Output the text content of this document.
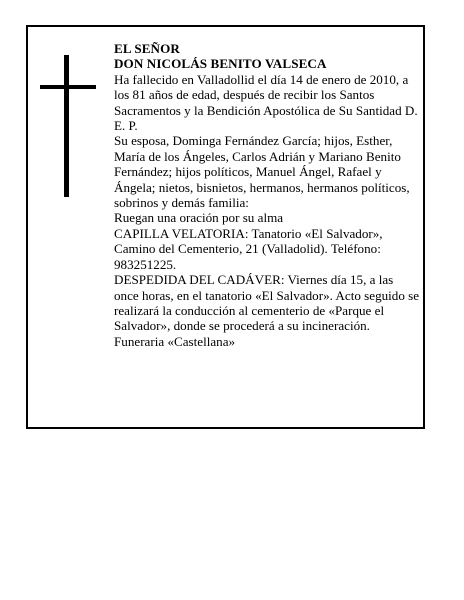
EL SEÑOR

DON NICOLÁS BENITO VALSECA

Ha fallecido en Valladollid el día 14 de enero de 2010, a los 81 años de edad, después de recibir los Santos Sacramentos y la Bendición Apostólica de Su Santidad D. E. P.

Su esposa, Dominga Fernández García; hijos, Esther, María de los Ángeles, Carlos Adrián y Mariano Benito Fernández; hijos políticos, Manuel Ángel, Rafael y Ángela; nietos, bisnietos, hermanos, hermanos políticos, sobrinos y demás familia:

Ruegan una oración por su alma

CAPILLA VELATORIA: Tanatorio «El Salvador», Camino del Cementerio, 21 (Valladolid). Teléfono: 983251225.

DESPEDIDA DEL CADÁVER: Viernes día 15, a las once horas, en el tanatorio «El Salvador». Acto seguido se realizará la conducción al cementerio de «Parque el Salvador», donde se procederá a su incineración.

Funeraria «Castellana»
